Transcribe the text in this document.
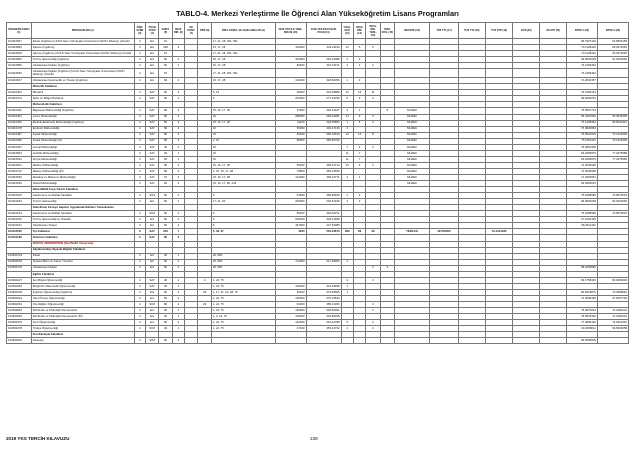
TABLO-4. Merkezi Yerleştirme İle Öğrenci Alan Yükseköğretim Lisans Programları
PROGRAM KODU (1)	PROGRAM ADI (2)	ÖĞR. SÜRE (3)	PUAN TÜRÜ (4)	KONT. (5)	OKUL BİR. (6)	EK KONT. (7)	OBK (8)	ÖZEL KOŞUL VE AÇIKLAMALAR (9)	2018-YKS İLE YERL. SIRASI (10)	2018-YKS EN KÜÇÜK PUAN (11)	Y.SKL. SAYI (12)	OKUL BİR. (13)	OKUL BİR. YERL. (14)	ÖZEL KOŞ. (15)	MUSSTE (16)	TUS TT1 (17)	TUS TT2 (18)	TUS KTP (19)	DUS (20)	AB AYP (21)	KPSS-1 (22)	KPSS-2 (23)
103110827	İktisat (İngilizce) (UOLP-New York Eyalet Üniversitesi (SUNY Albany)) (Ücretli)	4	EA	15				17, 21, 28, 251, 691													69.7907163	62.8654165
103110809	İşletme (İngilizce)	4	EA	100	3			15, 17, 28	132000	323.21194	12	5	5								73.1128419	69.0973065
103110818	İşletme (İngilizce) (UOLP-New York Eyalet Üniversitesi (SUNY Albany)) (Ücretli)	4	EA	15				17, 21, 28, 251, 691													73.1128419	69.0973065
103110800	Turizm İşletmeciliği (İngilizce)	4	EA	50	2			15, 17, 28	364000	262.12086	2	2									69.9052009	61.9220090
103110836	Uluslararası İlişkiler (İngilizce)	4	EA	60	2			15, 17, 28	83200	342.70471	4	2	2								73.2159494	
103110845	Uluslararası İlişkiler (İngilizce) (UOLP-New York Eyalet Üniversitesi (SUNY Albany)) (Ücretli)	4	EA	15				17, 21, 28, 251, 691													73.2159494	
103110817	Uluslararası İşletmecilik ve Ticaret (İngilizce)	4	EA	60	2			15, 17, 28	134000	318.96356	1	2									71.2826457	
	Mimarlık Fakültesi																					
103110424	Mimarlık	4	SAY	50	3			6, 13	28400	421.09889	10	12	11								73.7969143	
103110474	Şehir ve Bölge Planlama	4	SAY	50	2			6	251000	277.22336	5	3	3								69.6094051	
	Mühendislik Fakültesi																					
103110442	Bilgisayar Mühendisliği (İngilizce)	4	SAY	80	3			15, 16, 17, 28	37600	425.12447	3	1		5	MÜZEK						75.5807719	
103110451	Çevre Mühendisliği	4	SAY	60	2			16	280000	266.04281	14	3	3		MÜZEK						69.4461546	65.3546305
103110460	Elektrik-Elektronik Mühendisliği (İngilizce)	4	SAY	80	3			15, 16, 17, 28	41100	418.05854	1	5	3		MÜZEK						73.1428391	68.5010441
103110478	Endüstri Mühendisliği	4	SAY	60	2			16	50000	402.47130	3				MÜZEK						70.3820846	
103110487	İnşaat Mühendisliği	4	SAY	80	3			16	82400	366.10510	10	14	8		MÜZEK						76.5510919	70.1019309
103110496	İnşaat Mühendisliği (İÖ)	4	SAY	80	3			2, 16	88300	360.95760					MÜZEK						75.1054113	70.1019309
103110497	Jeoloji Mühendisliği	4	SAY	40	2			16			7	4	3		MÜZEK						76.4810305	
103110503	Jeofizik Mühendisliği	4	SAY	30	1			16			11	7			MÜZEK						64.9455879	77.2975585
103110512	Kimya Mühendisliği	4	SAY	60	2			16			11	7			MÜZEK						64.9455879	77.2975585
103110521	Makine Mühendisliği	4	SAY	80	3			15, 16, 17, 28	55200	395.41713	15	6	3		MÜZEK						74.3030948	
103110712	Makine Mühendisliği (İÖ)	4	SAY	80	3			2, 15, 16, 17, 28	78800	369.14650					MÜZEK						74.3030948	
103110530	Metalurji ve Malzeme Mühendisliği	4	SAY	70	3			15, 16, 17, 28	141000	306.13771	4	1			MÜZEK						71.3264651	
103110549	Tekstil Mühendisliği	4	SAY	60	2			15, 16, 17, 60, 243							MÜZEK						69.0905015	
	Reha Midilli Foça Turizm Fakültesi																					
103110915	Gastronomi ve Mutfak Sanatları	4	SÖZ	50	2			6	44600	358.38940	1	2									75.6489589	70.8676003
103110234	Turizm İşletmeciliği	4	EA	60	2			17, 21, 60	263000	232.57196	3	3									69.9052009	62.9220090
	Seferihisar Fevziye Hepkon Uygulamalı Bilimler Yüksekokulu																					
103110143	Gastronomi ve Mutfak Sanatları	4	SÖZ	60	2			6	85200	346.02371											75.6489589	70.8676003
103110152	Turizm İşletmeciliği ve Otelcilik	4	EA	60	2			6	606000	226.11658											67.1081425	
103110161	Uluslararası Ticaret	4	EA	60	2			6	467000	247.63085											68.0511432	
103110552	Tıp Fakültesi	6	SAY	250	7			5, 49, 67	4840	504.43670	289	69	38		TERCAG	49.555955		79.1014185				
103110193	Veteriner Fakültesi	5	SAY	60	2																	
	DOĞUŞ ÜNİVERSİTESİ (Özel/Vakıf Üniversite)																					
	Akçakoca Bey Siyasal Bilgiler Fakültesi																					
103390723	İktisat	4	EA	30	1			46, 800														
103390618	Siyaset Bilimi ve Kamu Yönetimi	4	EA	60	2			46, 800	714000	217.48960	1											
103390732	Uluslararası İlişkiler	4	EA	60	2			46, 800					2	4							68.2250896	
	Eğitim Fakültesi																					
103390227	Fen Bilgisi Öğretmenliği	4	SAY	30	1		4	1, 24, 75			2		4								82.1758445	82.3969430
103390252	İlköğretim Matematik Öğretmenliği	4	SAY	30	1			1, 24, 75	136000	313.49658	1											
103390235	İngilizce Öğretmenliği (İngilizce)	4	DİL	50	2		25	1, 17, 21, 24, 28, 75	55100	379.93565	1										80.8318875	79.2588062
103390244	Okul Öncesi Öğretmenliği	4	EA	60	2			1, 24, 75	135000	370.79533											72.3096495	67.8497790
103390261	Özel Eğitim Öğretmenliği	4	SÖZ	80	2		29	1, 24, 75	94300	385.01366			3									
103390843	Rehberlik ve Psikolojik Danışmanlık	4	EA	40	1			1, 24, 75	136000	328.26001			2								78.0979224	74.2480222
103390581	Rehberlik ve Psikolojik Danışmanlık (İÖ)	4	EA	40	1			1, 2, 24, 75	139000	323.80458											78.5878430	74.2480222
103390270	Sınıf Öğretmenliği	4	EA	60	2			1, 24, 75	142000	319.44788	5		2								77.4836432	74.9322440
103390278	Türkçe Öğretmenliği	4	SÖZ	30	1			1, 24, 75	47100	356.91762	1		2								69.3498611	69.5002058
	Fen-Edebiyat Fakültesi																					
103390032	Arkeoloji	4	SÖZ	60	2																65.5659609	
2019 YKS TERCİH KILAVUZU	238
